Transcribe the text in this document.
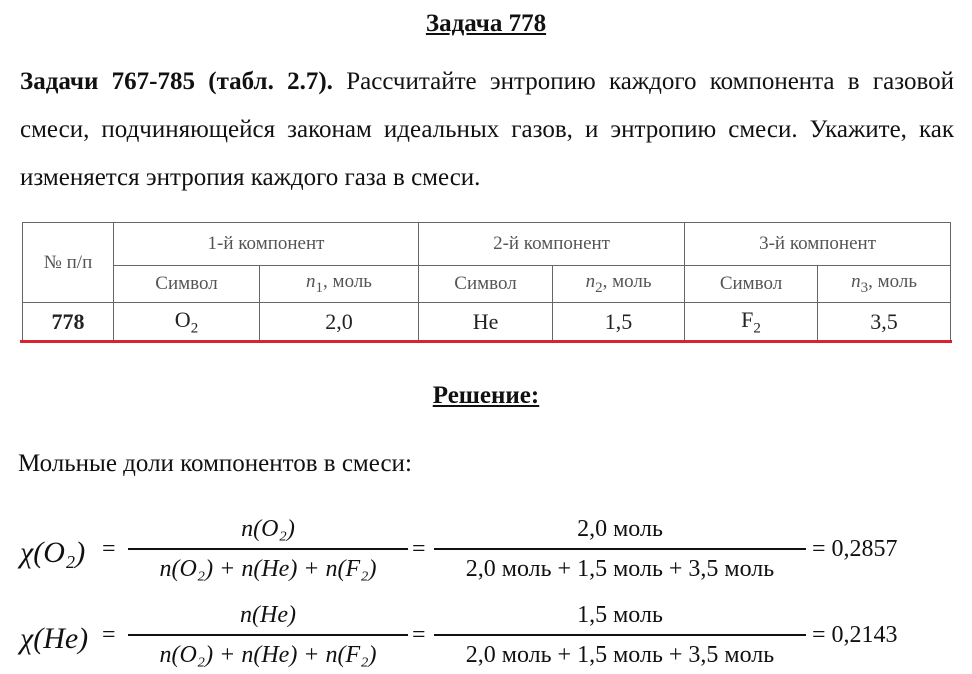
Задача 778
Задачи 767-785 (табл. 2.7). Рассчитайте энтропию каждого компонента в газовой смеси, подчиняющейся законам идеальных газов, и энтропию смеси. Укажите, как изменяется энтропия каждого газа в смеси.
№ п/п	1-й компонент		2-й компонент		3-й компонент	
	Символ	$n_1$, моль	Символ	$n_2$, моль	Символ	$n_3$, моль
778	$O_2$	2,0	He	1,5	$F_2$	3,5
Решение:
Мольные доли компонентов в смеси:
χ(O₂) =
n(O₂)
n(O₂) + n(He) + n(F₂)
=
2,0 моль
2,0 моль + 1,5 моль + 3,5 моль
= 0,2857
χ(He) =
n(He)
n(O₂) + n(He) + n(F₂)
=
1,5 моль
2,0 моль + 1,5 моль + 3,5 моль
= 0,2143
